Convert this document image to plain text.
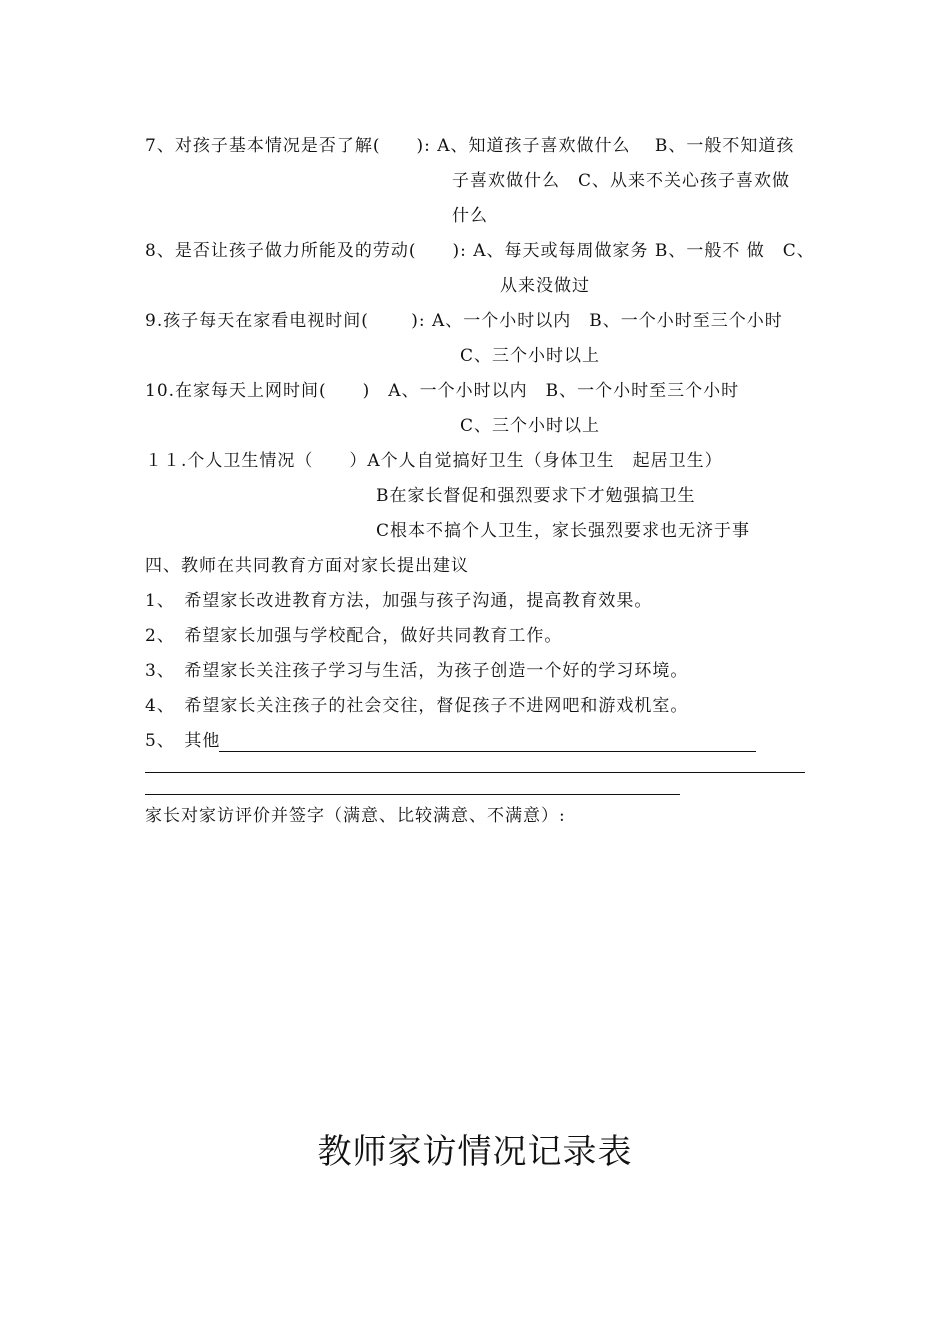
7、对孩子基本情况是否了解(　　): A、知道孩子喜欢做什么　 B、一般不知道孩
子喜欢做什么　C、从来不关心孩子喜欢做
什么
8、是否让孩子做力所能及的劳动(　　): A、每天或每周做家务 B、一般不 做　C、
从来没做过
9.孩子每天在家看电视时间(　　 ): A、一个小时以内　B、一个小时至三个小时
C、三个小时以上
10.在家每天上网时间(　　)　A、一个小时以内　B、一个小时至三个小时
C、三个小时以上
１１.个人卫生情况（　　）A个人自觉搞好卫生（身体卫生　起居卫生）
B在家长督促和强烈要求下才勉强搞卫生
C根本不搞个人卫生，家长强烈要求也无济于事
四、教师在共同教育方面对家长提出建议
1、　希望家长改进教育方法，加强与孩子沟通，提高教育效果。
2、　希望家长加强与学校配合，做好共同教育工作。
3、　希望家长关注孩子学习与生活，为孩子创造一个好的学习环境。
4、　希望家长关注孩子的社会交往，督促孩子不进网吧和游戏机室。
5、　其他
家长对家访评价并签字（满意、比较满意、不满意）:
教师家访情况记录表
